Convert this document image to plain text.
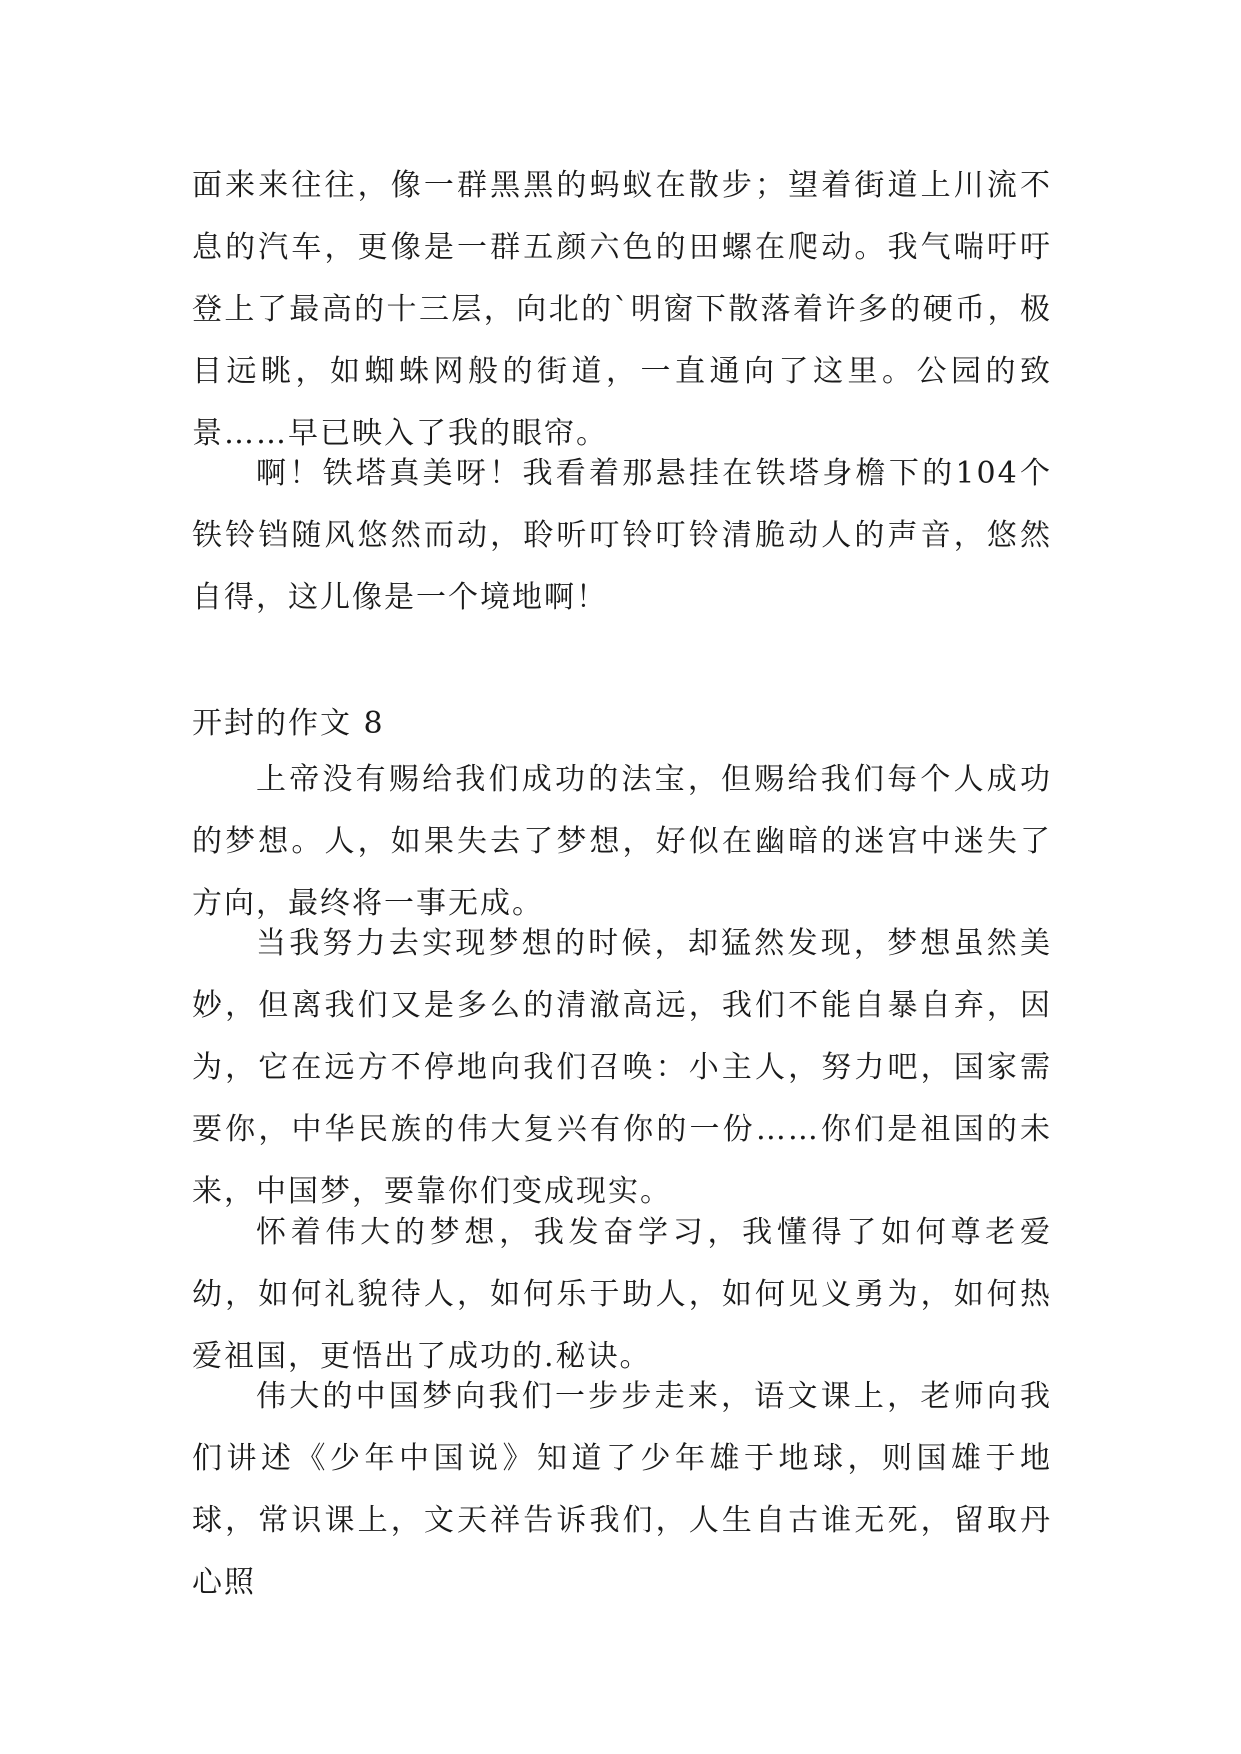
面来来往往，像一群黑黑的蚂蚁在散步；望着街道上川流不息的汽车，更像是一群五颜六色的田螺在爬动。我气喘吁吁登上了最高的十三层，向北的`明窗下散落着许多的硬币，极目远眺，如蜘蛛网般的街道，一直通向了这里。公园的致景……早已映入了我的眼帘。

啊！铁塔真美呀！我看着那悬挂在铁塔身檐下的104个铁铃铛随风悠然而动，聆听叮铃叮铃清脆动人的声音，悠然自得，这儿像是一个境地啊！

开封的作文 8

上帝没有赐给我们成功的法宝，但赐给我们每个人成功的梦想。人，如果失去了梦想，好似在幽暗的迷宫中迷失了方向，最终将一事无成。

当我努力去实现梦想的时候，却猛然发现，梦想虽然美妙，但离我们又是多么的清澈高远，我们不能自暴自弃，因为，它在远方不停地向我们召唤：小主人，努力吧，国家需要你，中华民族的伟大复兴有你的一份……你们是祖国的未来，中国梦，要靠你们变成现实。

怀着伟大的梦想，我发奋学习，我懂得了如何尊老爱幼，如何礼貌待人，如何乐于助人，如何见义勇为，如何热爱祖国，更悟出了成功的.秘诀。

伟大的中国梦向我们一步步走来，语文课上，老师向我们讲述《少年中国说》知道了少年雄于地球，则国雄于地球，常识课上，文天祥告诉我们，人生自古谁无死，留取丹心照
